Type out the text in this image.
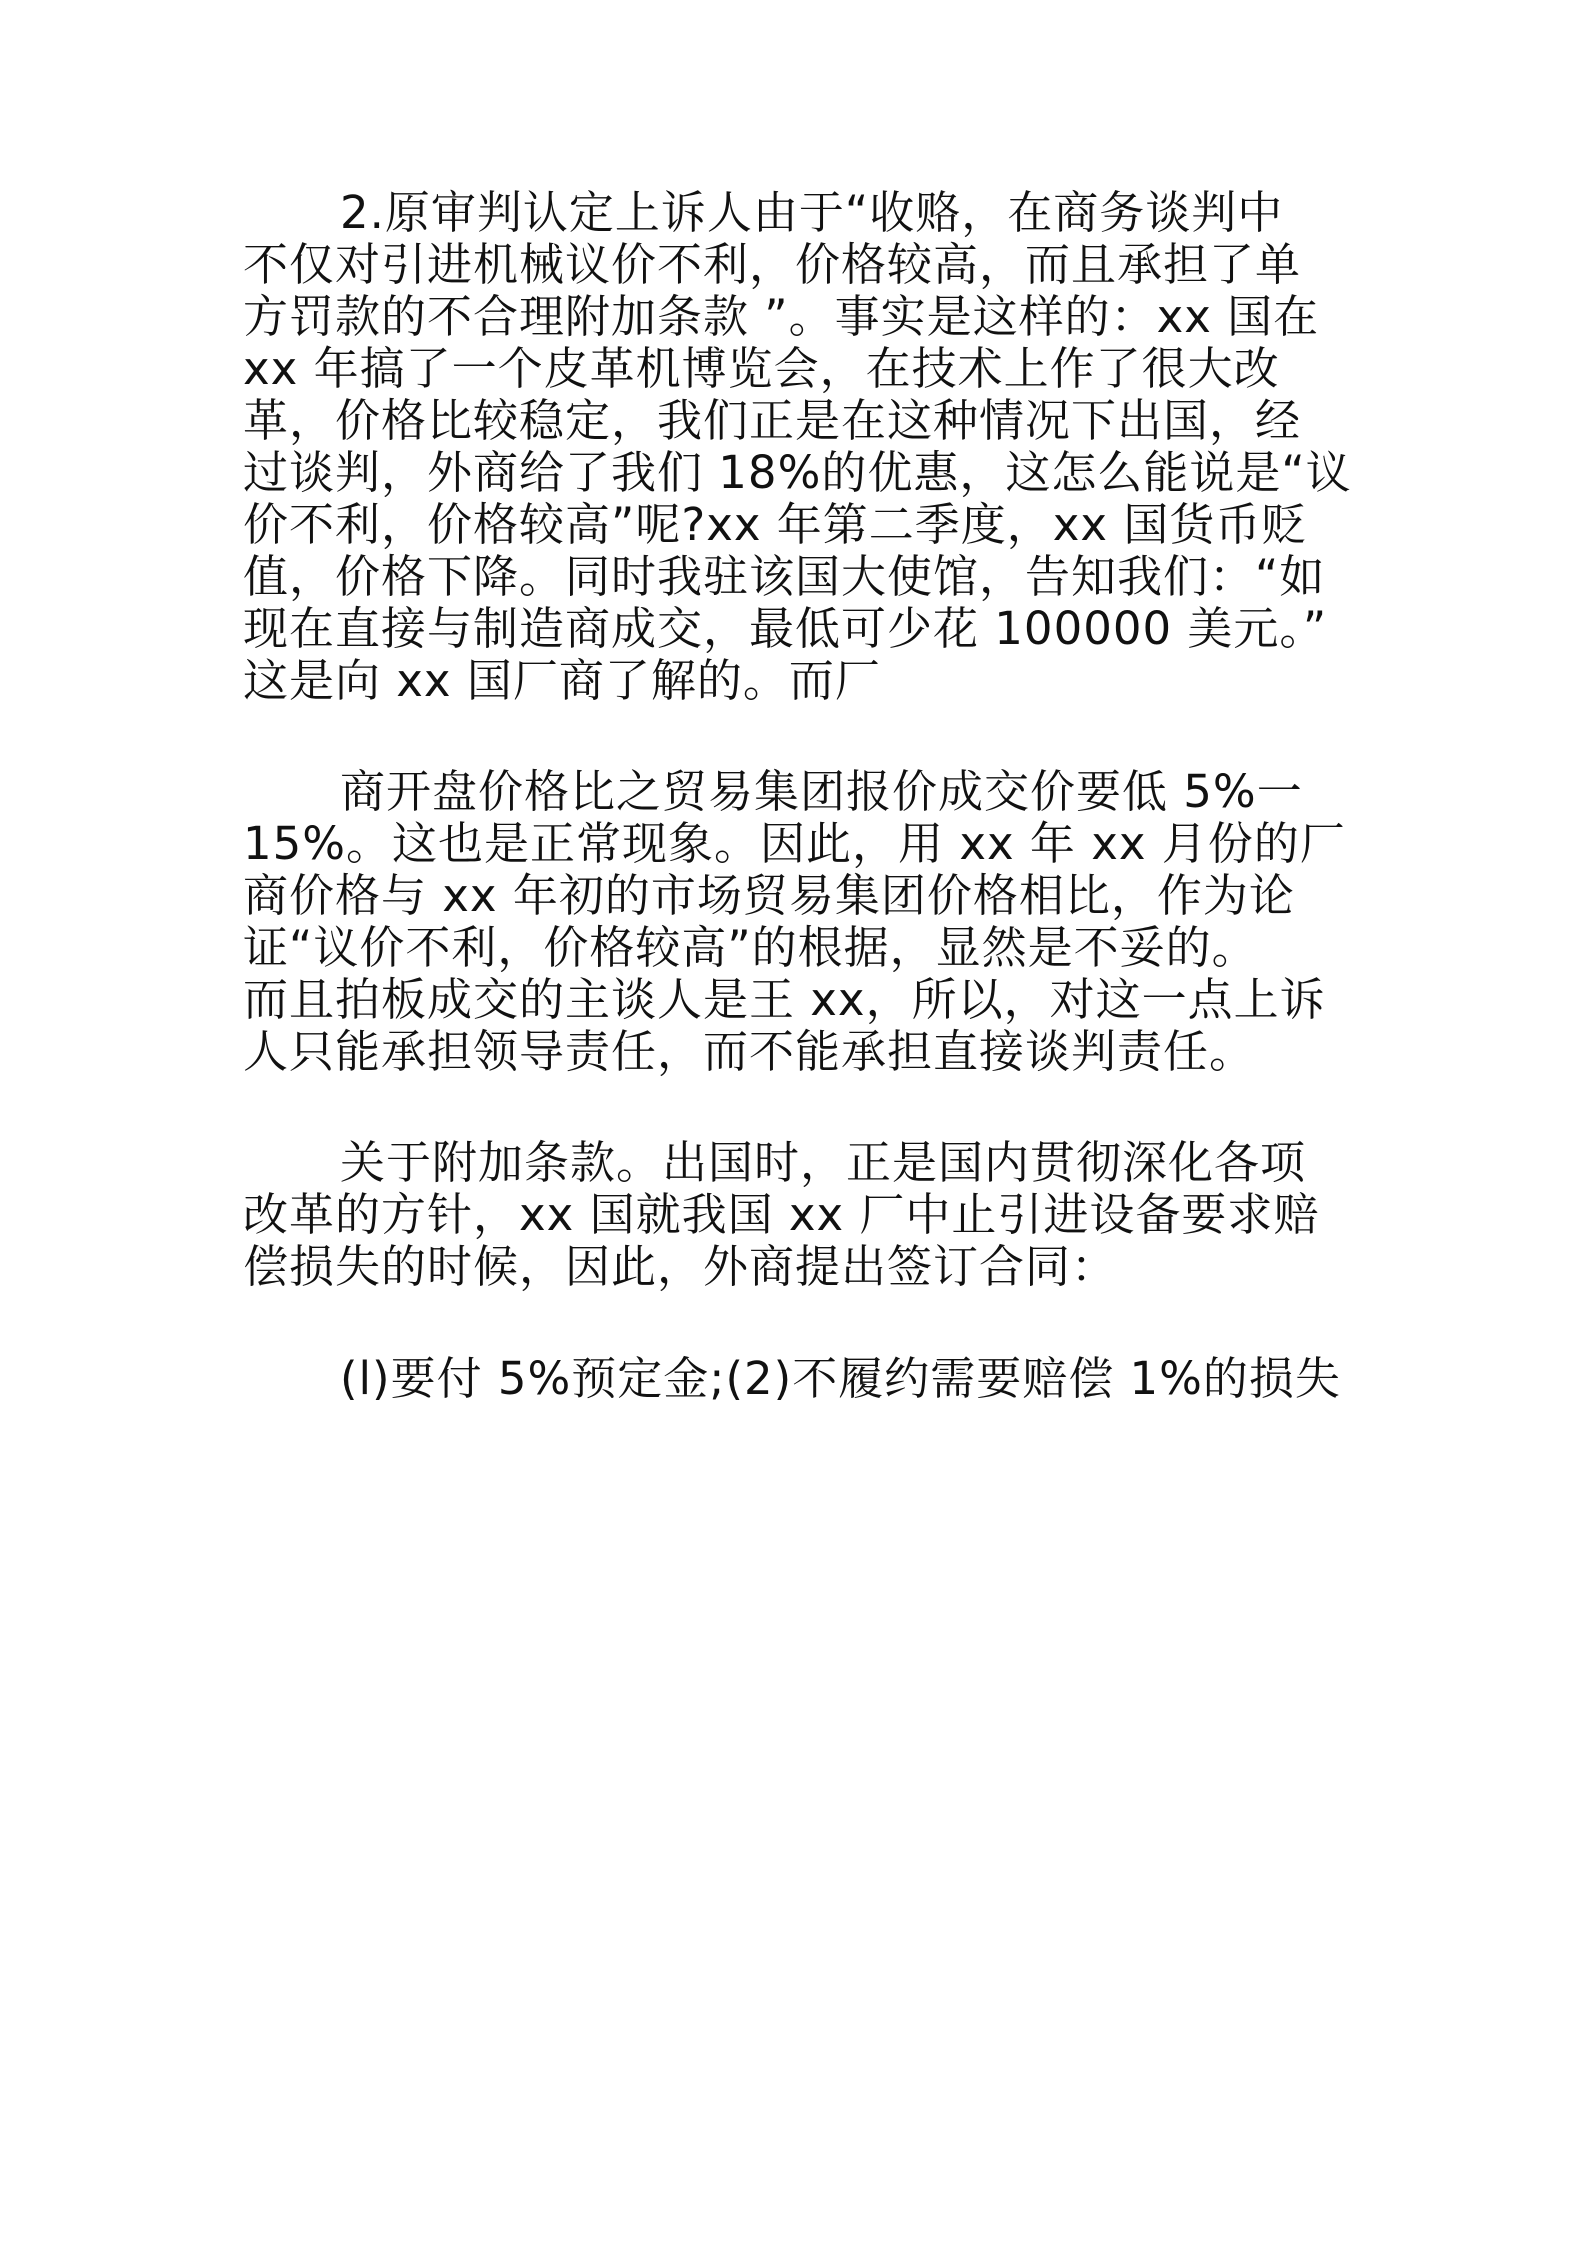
2.原审判认定上诉人由于“收赂，在商务谈判中
不仅对引进机械议价不利，价格较高，而且承担了单
方罚款的不合理附加条款 ”。事实是这样的：xx 国在
xx 年搞了一个皮革机博览会，在技术上作了很大改
革，价格比较稳定，我们正是在这种情况下出国，经
过谈判，外商给了我们 18%的优惠，这怎么能说是“议
价不利，价格较高”呢?xx 年第二季度，xx 国货币贬
值，价格下降。同时我驻该国大使馆，告知我们：“如
现在直接与制造商成交，最低可少花 100000 美元。”
这是向 xx 国厂商了解的。而厂
商开盘价格比之贸易集团报价成交价要低 5%一
15%。这也是正常现象。因此，用 xx 年 xx 月份的厂
商价格与 xx 年初的市场贸易集团价格相比，作为论
证“议价不利，价格较高”的根据，显然是不妥的。
而且拍板成交的主谈人是王 xx，所以，对这一点上诉
人只能承担领导责任，而不能承担直接谈判责任。
关于附加条款。出国时，正是国内贯彻深化各项
改革的方针，xx 国就我国 xx 厂中止引进设备要求赔
偿损失的时候，因此，外商提出签订合同：
(l)要付 5%预定金;(2)不履约需要赔偿 1%的损失
